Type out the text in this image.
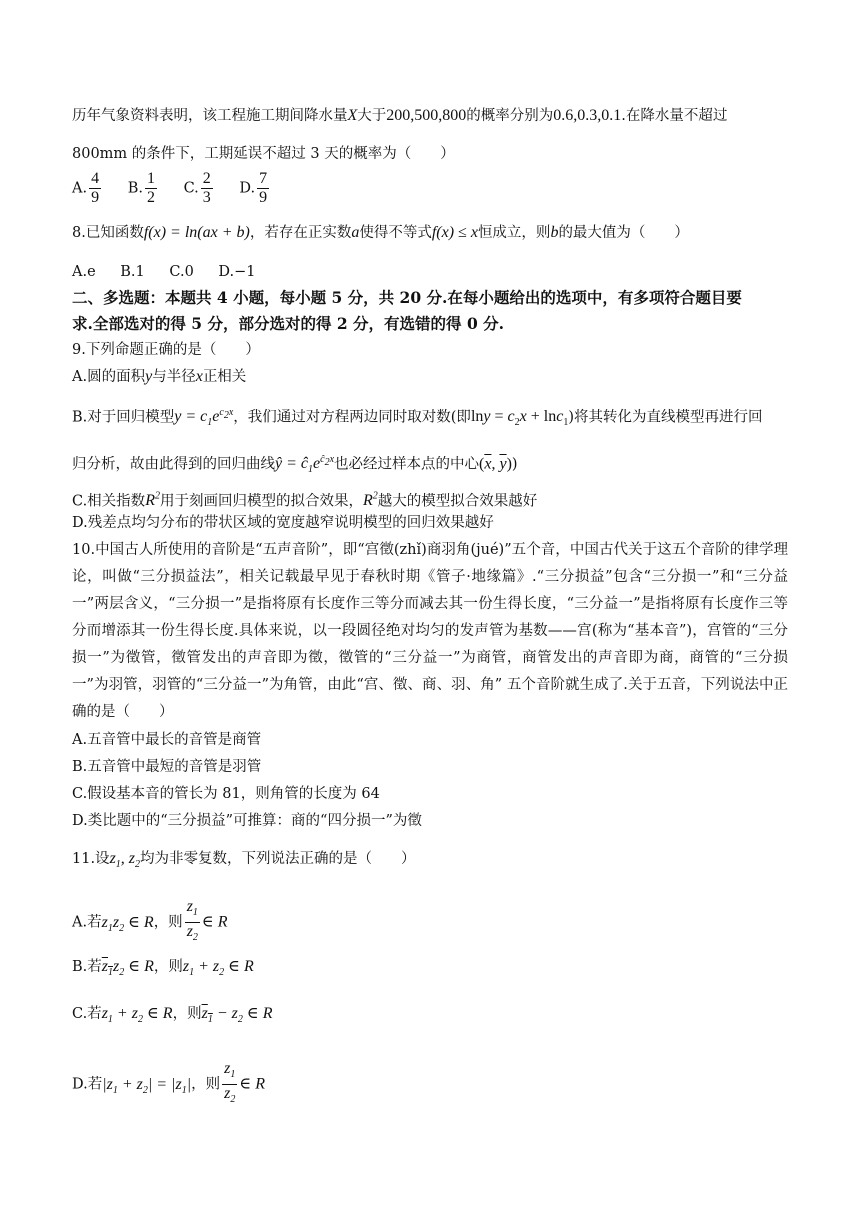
历年气象资料表明，该工程施工期间降水量X大于200,500,800的概率分别为0.6,0.3,0.1.在降水量不超过
800mm 的条件下，工期延误不超过 3 天的概率为（　　）
A. $\frac{4}{9} B$. $\frac{1}{2} C$. $\frac{2}{3} D$. $\frac{7}{9}$
8.已知函数f(x) = ln(ax + b)，若存在正实数a使得不等式f(x) ≤ x恒成立，则b的最大值为（　　）
A.e B.1 C.0 D.−1
二、多选题：本题共 4 小题，每小题 5 分，共 20 分.在每小题给出的选项中，有多项符合题目要
求.全部选对的得 5 分，部分选对的得 2 分，有选错的得 0 分.
9.下列命题正确的是（　　）
A.圆的面积y与半径x正相关
B.对于回归模型$y = c_1e^{c_2x}$，我们通过对方程两边同时取对数(即$\ln y = c_2x + \ln c_1$)将其转化为直线模型再进行回
归分析，故由此得到的回归曲线ŷ = $ĉ_1e^{ĉ_2x}$也必经过样本点的中心($\overline{x}$, $\overline{y}$))
C.相关指数$R^2$用于刻画回归模型的拟合效果，$R^2$越大的模型拟合效果越好
D.残差点均匀分布的带状区域的宽度越窄说明模型的回归效果越好
10.中国古人所使用的音阶是“五声音阶”，即“宫徵(zhǐ)商羽角(jué)”五个音，中国古代关于这五个音阶的律学理论，叫做“三分损益法”，相关记载最早见于春秋时期《管子·地缘篇》.“三分损益”包含“三分损一”和“三分益一”两层含义，“三分损一”是指将原有长度作三等分而减去其一份生得长度，“三分益一”是指将原有长度作三等分而增添其一份生得长度.具体来说，以一段圆径绝对均匀的发声管为基数——宫(称为“基本音”)，宫管的“三分损一”为徵管，徵管发出的声音即为徵，徵管的“三分益一”为商管，商管发出的声音即为商，商管的“三分损一”为羽管，羽管的“三分益一”为角管，由此“宫、徵、商、羽、角” 五个音阶就生成了.关于五音，下列说法中正确的是（　　）
A.五音管中最长的音管是商管
B.五音管中最短的音管是羽管
C.假设基本音的管长为 81，则角管的长度为 64
D.类比题中的“三分损益”可推算：商的“四分损一”为徵
11.设$z_1$, $z_2$均为非零复数，下列说法正确的是（　　）
A.若$z_1z_2$ ∈ R，则 $\frac{z_1}{z_2}$ ∈ R
B.若$z_1z_2$ ∈ R，则$z_1 + z_2$ ∈ R
C.若$z_1 + z_2$ ∈ R，则$z_1 - z_2$ ∈ R
D.若$|z_1 + z_2| = |z_1|$，则 $\frac{z_1}{z_2}$ ∈ R
